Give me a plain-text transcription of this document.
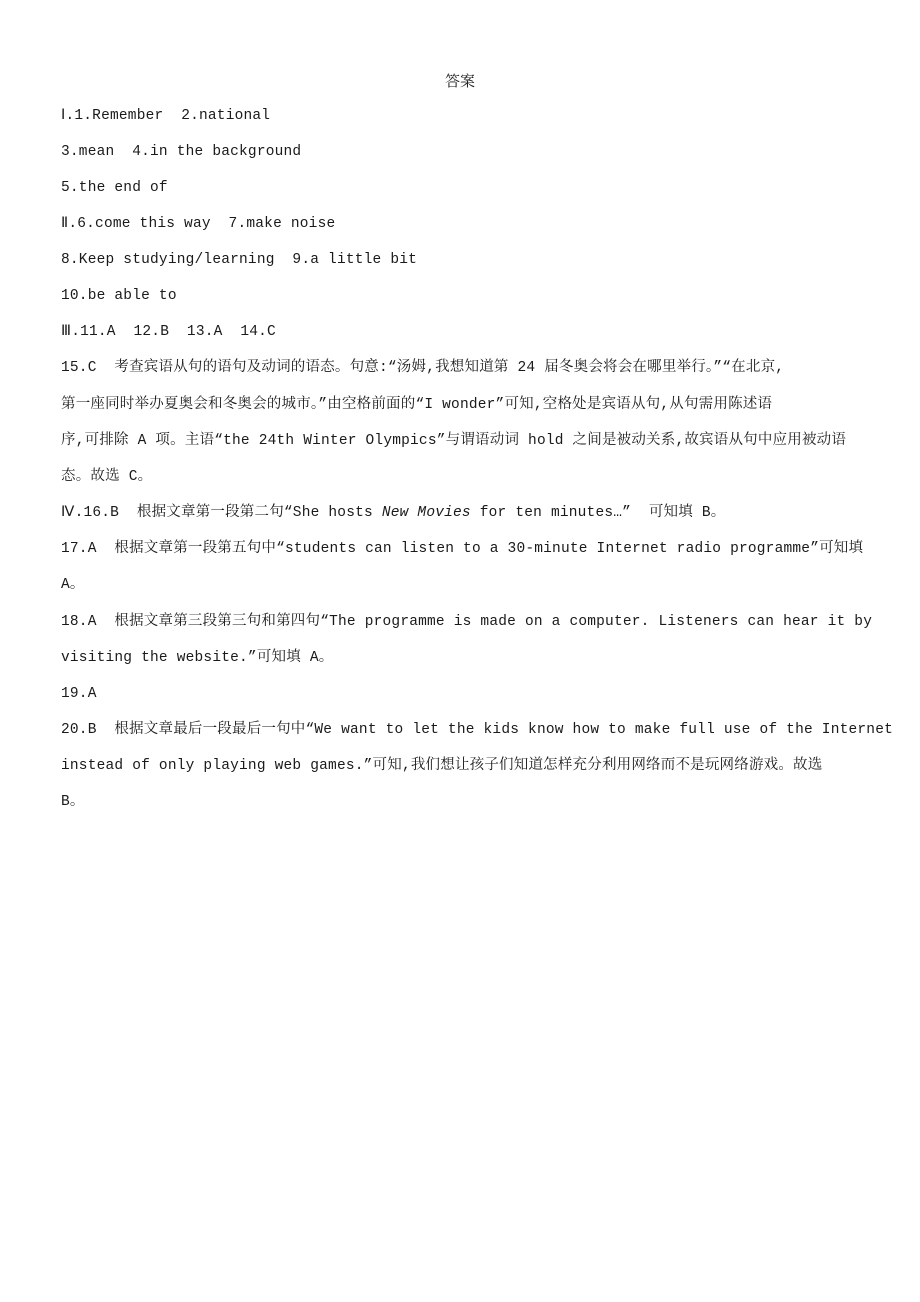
答案
Ⅰ.1.Remember  2.national
3.mean  4.in the background
5.the end of
Ⅱ.6.come this way  7.make noise
8.Keep studying/learning  9.a little bit
10.be able to
Ⅲ.11.A  12.B  13.A  14.C
15.C  考查宾语从句的语句及动词的语态。句意:“汤姆,我想知道第 24 届冬奥会将会在哪里举行。”“在北京,
第一座同时举办夏奥会和冬奥会的城市。”由空格前面的“I wonder”可知,空格处是宾语从句,从句需用陈述语
序,可排除 A 项。主语“the 24th Winter Olympics”与谓语动词 hold 之间是被动关系,故宾语从句中应用被动语
态。故选 C。
Ⅳ.16.B  根据文章第一段第二句“She hosts New Movies for ten minutes…”  可知填 B。
17.A  根据文章第一段第五句中“students can listen to a 30-minute Internet radio programme”可知填
A。
18.A  根据文章第三段第三句和第四句“The programme is made on a computer. Listeners can hear it by
visiting the website.”可知填 A。
19.A
20.B  根据文章最后一段最后一句中“We want to let the kids know how to make full use of the Internet
instead of only playing web games.”可知,我们想让孩子们知道怎样充分利用网络而不是玩网络游戏。故选
B。
